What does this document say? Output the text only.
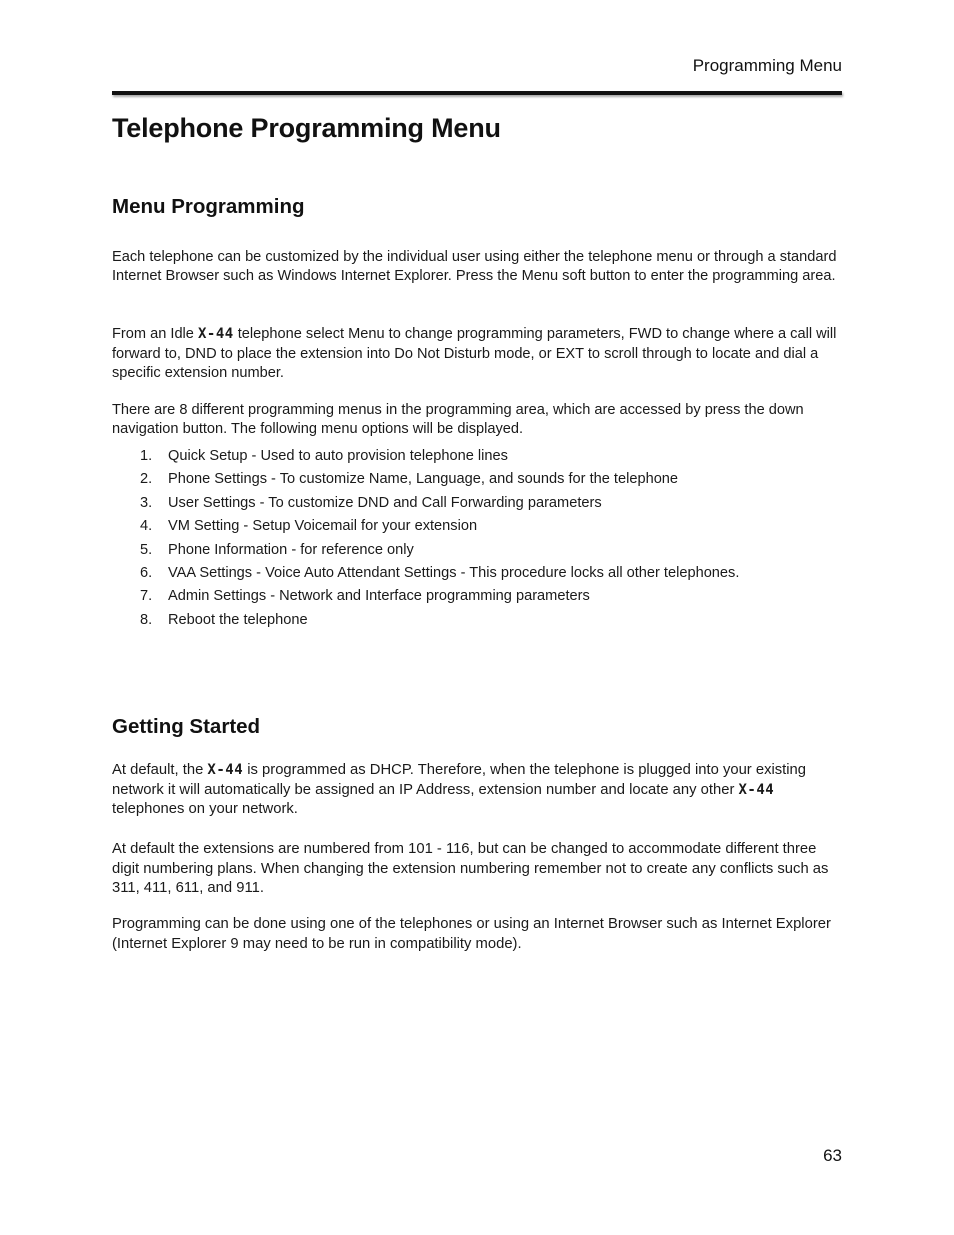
Programming Menu
Telephone Programming Menu
Menu Programming

Each telephone can be customized by the individual user using either the telephone menu or through a standard Internet Browser such as Windows Internet Explorer. Press the Menu soft button to enter the programming area.

From an Idle X-44 telephone select Menu to change programming parameters, FWD to change where a call will forward to, DND to place the extension into Do Not Disturb mode, or EXT to scroll through to locate and dial a specific extension number.

There are 8 different programming menus in the programming area, which are accessed by press the down navigation button. The following menu options will be displayed.

1. Quick Setup - Used to auto provision telephone lines
2. Phone Settings - To customize Name, Language, and sounds for the telephone
3. User Settings - To customize DND and Call Forwarding parameters
4. VM Setting - Setup Voicemail for your extension
5. Phone Information - for reference only
6. VAA Settings - Voice Auto Attendant Settings - This procedure locks all other telephones.
7. Admin Settings - Network and Interface programming parameters
8. Reboot the telephone
Getting Started

At default, the X-44 is programmed as DHCP. Therefore, when the telephone is plugged into your existing network it will automatically be assigned an IP Address, extension number and locate any other X-44 telephones on your network.

At default the extensions are numbered from 101 - 116, but can be changed to accommodate different three digit numbering plans. When changing the extension numbering remember not to create any conflicts such as 311, 411, 611, and 911.

Programming can be done using one of the telephones or using an Internet Browser such as Internet Explorer (Internet Explorer 9 may need to be run in compatibility mode).

63
